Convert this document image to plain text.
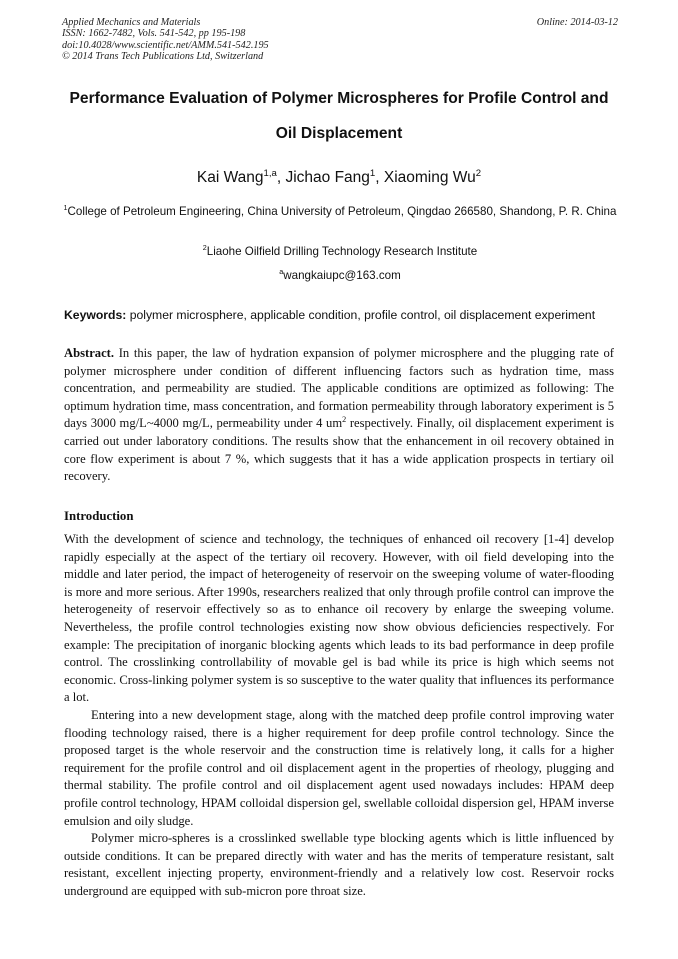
Applied Mechanics and Materials
ISSN: 1662-7482, Vols. 541-542, pp 195-198
doi:10.4028/www.scientific.net/AMM.541-542.195
© 2014 Trans Tech Publications Ltd, Switzerland
Online: 2014-03-12
Performance Evaluation of Polymer Microspheres for Profile Control and
Oil Displacement
Kai Wang$^{1,a}$, Jichao Fang$^1$, Xiaoming Wu$^2$
$^1$College of Petroleum Engineering, China University of Petroleum, Qingdao 266580, Shandong, P. R. China
$^2$Liaohe Oilfield Drilling Technology Research Institute
$^a$wangkaiupc@163.com
Keywords: polymer microsphere, applicable condition, profile control, oil displacement experiment

Abstract. In this paper, the law of hydration expansion of polymer microsphere and the plugging rate of polymer microsphere under condition of different influencing factors such as hydration time, mass concentration, and permeability are studied. The applicable conditions are optimized as following: The optimum hydration time, mass concentration, and formation permeability through laboratory experiment is 5 days 3000 mg/L~4000 mg/L, permeability under 4 $um^2$ respectively. Finally, oil displacement experiment is carried out under laboratory conditions. The results show that the enhancement in oil recovery obtained in core flow experiment is about 7 %, which suggests that it has a wide application prospects in tertiary oil recovery.

Introduction

With the development of science and technology, the techniques of enhanced oil recovery [1-4] develop rapidly especially at the aspect of the tertiary oil recovery. However, with oil field developing into the middle and later period, the impact of heterogeneity of reservoir on the sweeping volume of water-flooding is more and more serious. After 1990s, researchers realized that only through profile control can improve the heterogeneity of reservoir effectively so as to enhance oil recovery by enlarge the sweeping volume. Nevertheless, the profile control technologies existing now show obvious deficiencies respectively. For example: The precipitation of inorganic blocking agents which leads to its bad performance in deep profile control. The crosslinking controllability of movable gel is bad while its price is high which seems not economic. Cross-linking polymer system is so susceptive to the water quality that influences its performance a lot.

Entering into a new development stage, along with the matched deep profile control improving water flooding technology raised, there is a higher requirement for deep profile control technology. Since the proposed target is the whole reservoir and the construction time is relatively long, it calls for a higher requirement for the profile control and oil displacement agent in the properties of rheology, plugging and thermal stability. The profile control and oil displacement agent used nowadays includes: HPAM deep profile control technology, HPAM colloidal dispersion gel, swellable colloidal dispersion gel, HPAM inverse emulsion and oily sludge.

Polymer micro-spheres is a crosslinked swellable type blocking agents which is little influenced by outside conditions. It can be prepared directly with water and has the merits of temperature resistant, salt resistant, excellent injecting property, environment-friendly and a relatively low cost. Reservoir rocks underground are equipped with sub-micron pore throat size.
